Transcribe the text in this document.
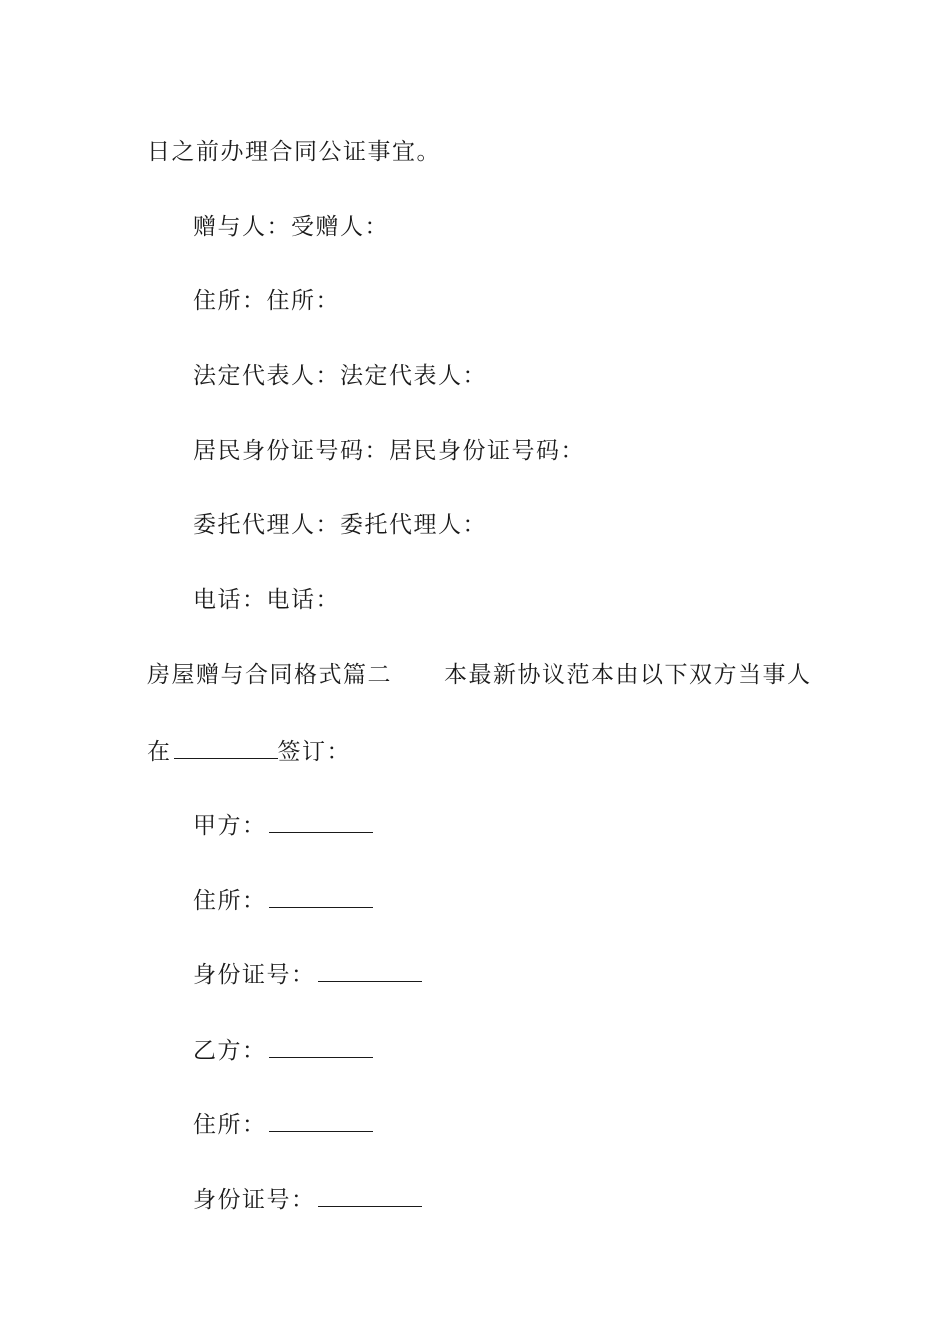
日之前办理合同公证事宜。
赠与人：受赠人：
住所：住所：
法定代表人：法定代表人：
居民身份证号码：居民身份证号码：
委托代理人：委托代理人：
电话：电话：
房屋赠与合同格式篇二 本最新协议范本由以下双方当事人
在	签订：
甲方：
住所：
身份证号：
乙方：
住所：
身份证号：
